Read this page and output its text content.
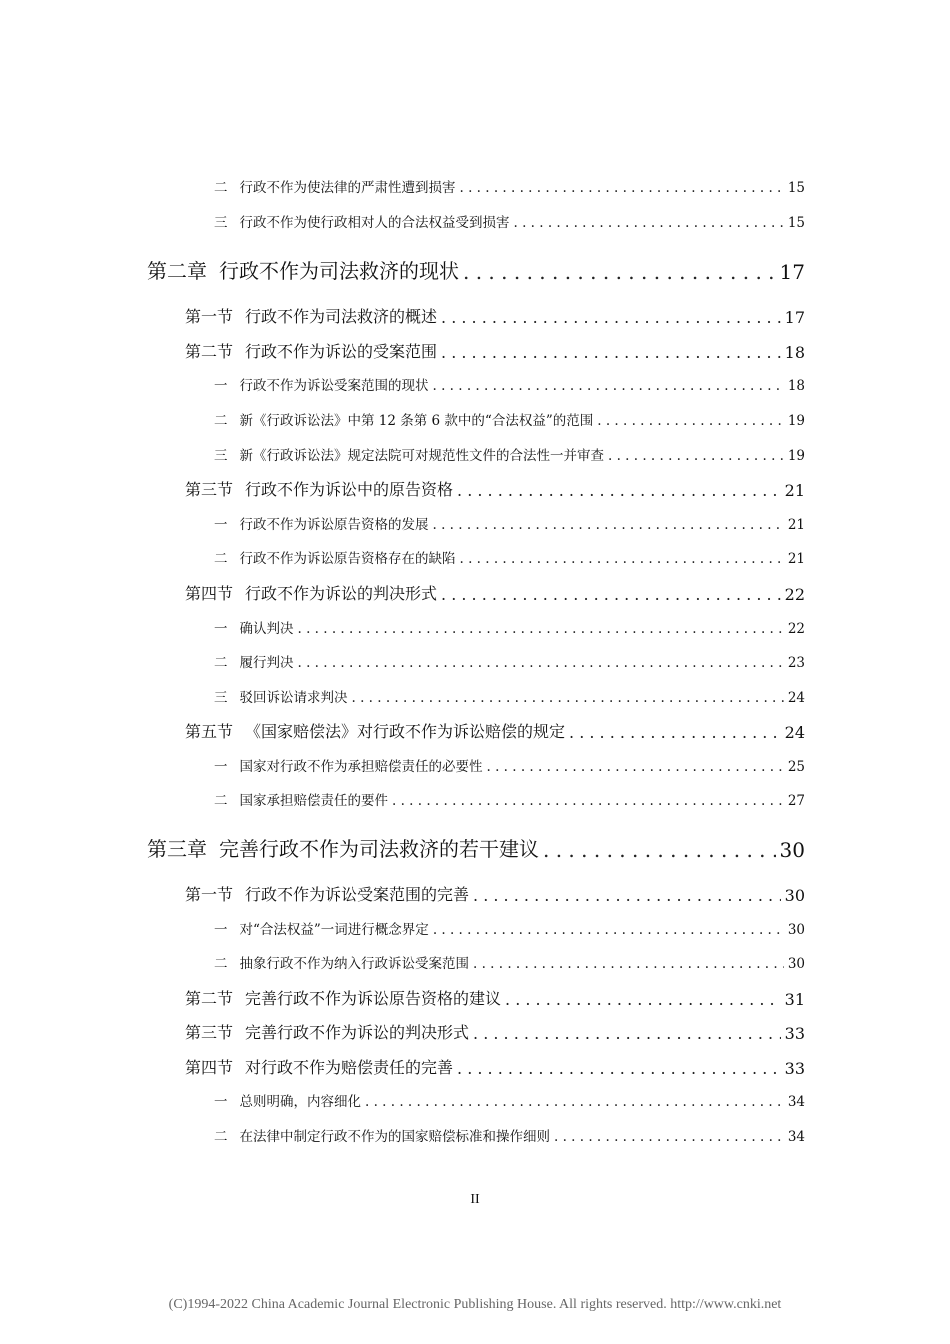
二 行政不作为使法律的严肃性遭到损害 . . .	15
三 行政不作为使行政相对人的合法权益受到损害 . . .	15
第二章 行政不作为司法救济的现状 . . .	17
第一节 行政不作为司法救济的概述 . . .	17
第二节 行政不作为诉讼的受案范围 . . .	18
一 行政不作为诉讼受案范围的现状 . . .	18
二 新《行政诉讼法》中第 12 条第 6 款中的“合法权益”的范围 . . .	19
三 新《行政诉讼法》规定法院可对规范性文件的合法性一并审查 . . .	19
第三节 行政不作为诉讼中的原告资格 . . .	21
一 行政不作为诉讼原告资格的发展 . . .	21
二 行政不作为诉讼原告资格存在的缺陷 . . .	21
第四节 行政不作为诉讼的判决形式 . . .	22
一 确认判决 . . .	22
二 履行判决 . . .	23
三 驳回诉讼请求判决 . . .	24
第五节 《国家赔偿法》对行政不作为诉讼赔偿的规定 . . .	24
一 国家对行政不作为承担赔偿责任的必要性 . . .	25
二 国家承担赔偿责任的要件 . . .	27
第三章 完善行政不作为司法救济的若干建议 . . .	30
第一节 行政不作为诉讼受案范围的完善 . . .	30
一 对“合法权益”一词进行概念界定 . . .	30
二 抽象行政不作为纳入行政诉讼受案范围 . . .	30
第二节 完善行政不作为诉讼原告资格的建议 . . .	31
第三节 完善行政不作为诉讼的判决形式 . . .	33
第四节 对行政不作为赔偿责任的完善 . . .	33
一 总则明确，内容细化 . . .	34
二 在法律中制定行政不作为的国家赔偿标准和操作细则 . . .	34
II
(C)1994-2022 China Academic Journal Electronic Publishing House. All rights reserved. http://www.cnki.net
